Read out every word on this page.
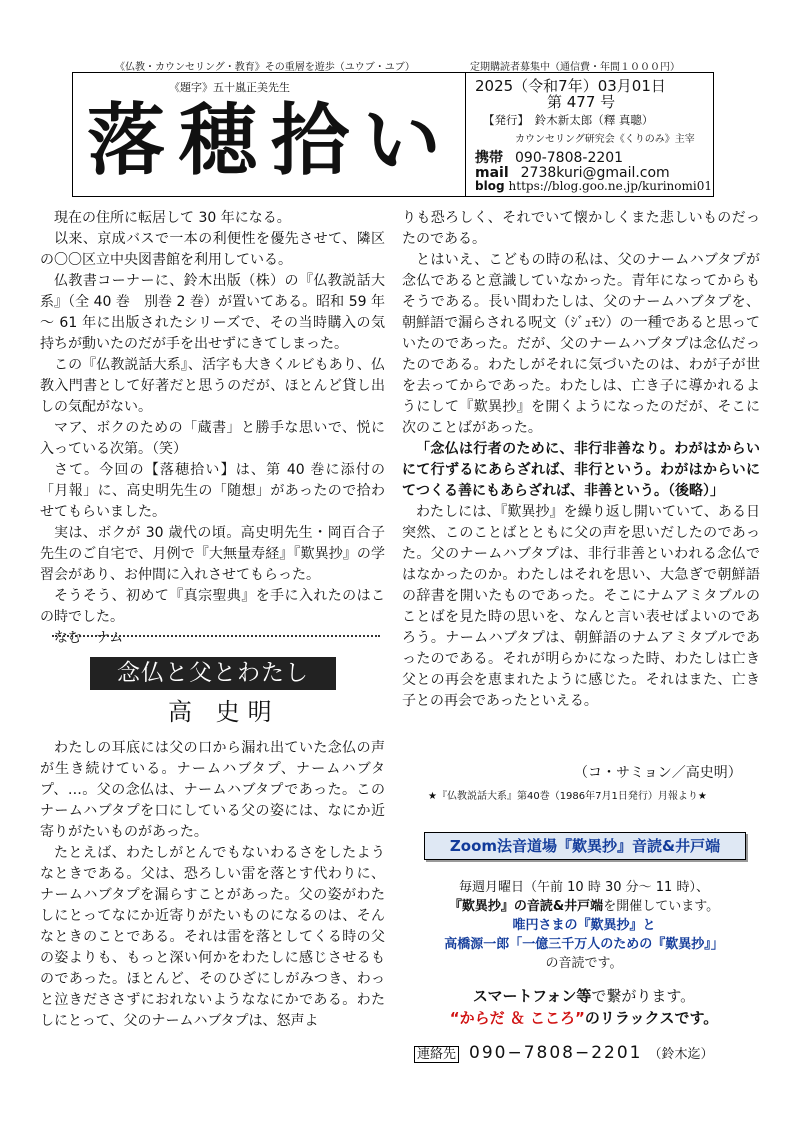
《仏教・カウンセリング・教育》その重層を遊歩（ユウブ・ユブ）	定期購読者募集中（通信費・年間１０００円）
《題字》五十嵐正美先生
落穂拾い
2025（令和7年）03月01日
第 477 号
【発行】　鈴木新太郎（釋 真聰）
カウンセリング研究会《くりのみ》主宰
携帯 090-7808-2201
mail 2738kuri@gmail.com
blog https://blog.goo.ne.jp/kurinomi01

現在の住所に転居して 30 年になる。

以来、京成バスで一本の利便性を優先させて、隣区の〇〇区立中央図書館を利用している。

仏教書コーナーに、鈴木出版（株）の『仏教説話大系』（全 40 巻　別巻 2 巻）が置いてある。昭和 59 年～ 61 年に出版されたシリーズで、その当時購入の気持ちが動いたのだが手を出せずにきてしまった。

この『仏教説話大系』、活字も大きくルビもあり、仏教入門書として好著だと思うのだが、ほとんど貸し出しの気配がない。

マア、ボクのための「蔵書」と勝手な思いで、悦に入っている次第。（笑）

さて。今回の【落穂拾い】は、第 40 巻に添付の「月報」に、高史明先生の「随想」があったので拾わせてもらいました。

実は、ボクが 30 歳代の頃。高史明先生・岡百合子先生のご自宅で、月例で『大無量寿経』『歎異抄』の学習会があり、お仲間に入れさせてもらった。

そうそう、初めて『真宗聖典』を手に入れたのはこの時でした。

なむ　ナム

念仏と父とわたし
高 史明

わたしの耳底には父の口から漏れ出ていた念仏の声が生き続けている。ナームハブタプ、ナームハブタプ、…。父の念仏は、ナームハブタプであった。このナームハブタプを口にしている父の姿には、なにか近寄りがたいものがあった。

たとえば、わたしがとんでもないわるさをしたようなときである。父は、恐ろしい雷を落とす代わりに、ナームハブタプを漏らすことがあった。父の姿がわたしにとってなにか近寄りがたいものになるのは、そんなときのことである。それは雷を落としてくる時の父の姿よりも、もっと深い何かをわたしに感じさせるものであった。ほとんど、そのひざにしがみつき、わっと泣きだささずにおれないようななにかである。わたしにとって、父のナームハブタプは、怒声よ

りも恐ろしく、それでいて懐かしくまた悲しいものだったのである。

とはいえ、こどもの時の私は、父のナームハブタプが念仏であると意識していなかった。青年になってからもそうである。長い間わたしは、父のナームハブタプを、朝鮮語で漏らされる呪文（ｼﾞｭﾓﾝ）の一種であると思っていたのであった。だが、父のナームハブタプは念仏だったのである。わたしがそれに気づいたのは、わが子が世を去ってからであった。わたしは、亡き子に導かれるようにして『歎異抄』を開くようになったのだが、そこに次のことばがあった。

「念仏は行者のために、非行非善なり。わがはからいにて行ずるにあらざれば、非行という。わがはからいにてつくる善にもあらざれば、非善という。（後略）」

わたしには、『歎異抄』を繰り返し開いていて、ある日突然、このことばとともに父の声を思いだしたのであった。父のナームハブタプは、非行非善といわれる念仏ではなかったのか。わたしはそれを思い、大急ぎで朝鮮語の辞書を開いたものであった。そこにナムアミタブルのことばを見た時の思いを、なんと言い表せばよいのであろう。ナームハブタプは、朝鮮語のナムアミタブルであったのである。それが明らかになった時、わたしは亡き父との再会を恵まれたように感じた。それはまた、亡き子との再会であったといえる。

（コ・サミョン／高史明）
★『仏教説話大系』第40巻（1986年7月1日発行）月報より★
Zoom法音道場『歎異抄』音読&井戸端
毎週月曜日（午前 10 時 30 分～ 11 時）、
『歎異抄』の音読&井戸端を開催しています。
唯円さまの『歎異抄』と
高橋源一郎「一億三千万人のための『歎異抄』」
の音読です。
スマートフォン等で繋がります。
“からだ ＆ こころ”のリラックスです。
連絡先 090−7808−2201 （鈴木迄）
